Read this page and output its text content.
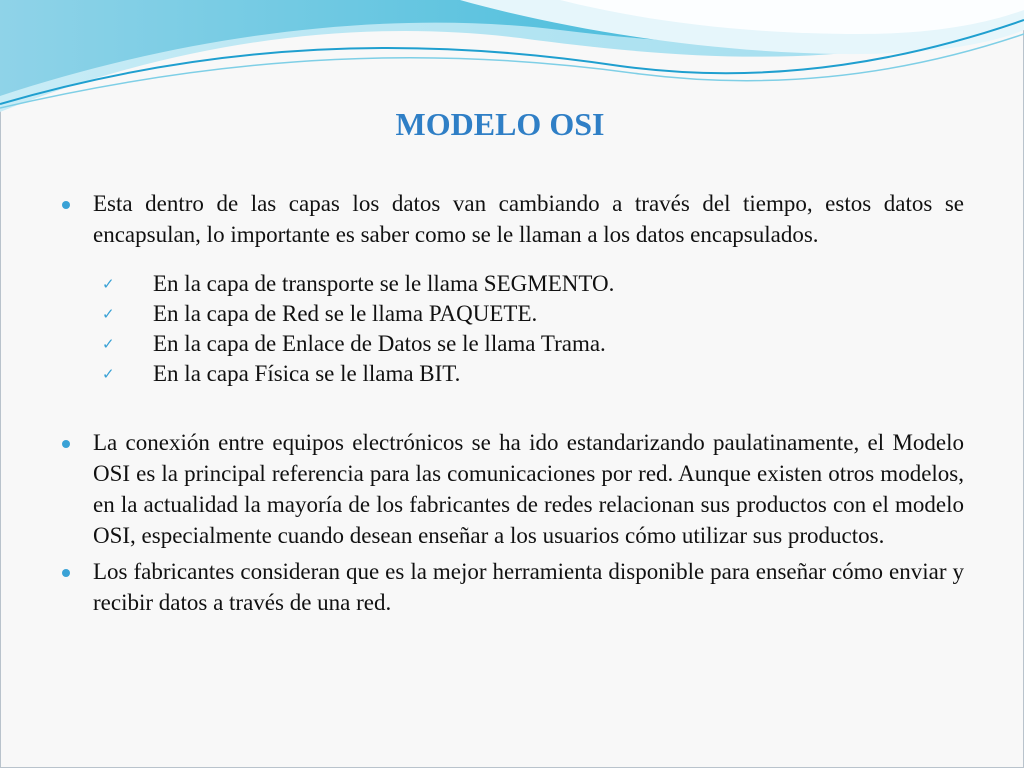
MODELO OSI

Esta dentro de las capas los datos van cambiando a través del tiempo, estos datos se encapsulan, lo importante es saber como se le llaman a los datos encapsulados.

✓ En la capa de transporte se le llama SEGMENTO.
✓ En la capa de Red se le llama PAQUETE.
✓ En la capa de Enlace de Datos se le llama Trama.
✓ En la capa Física se le llama BIT.

La conexión entre equipos electrónicos se ha ido estandarizando paulatinamente, el Modelo OSI es la principal referencia para las comunicaciones por red. Aunque existen otros modelos, en la actualidad la mayoría de los fabricantes de redes relacionan sus productos con el modelo OSI, especialmente cuando desean enseñar a los usuarios cómo utilizar sus productos.

Los fabricantes consideran que es la mejor herramienta disponible para enseñar cómo enviar y recibir datos a través de una red.
